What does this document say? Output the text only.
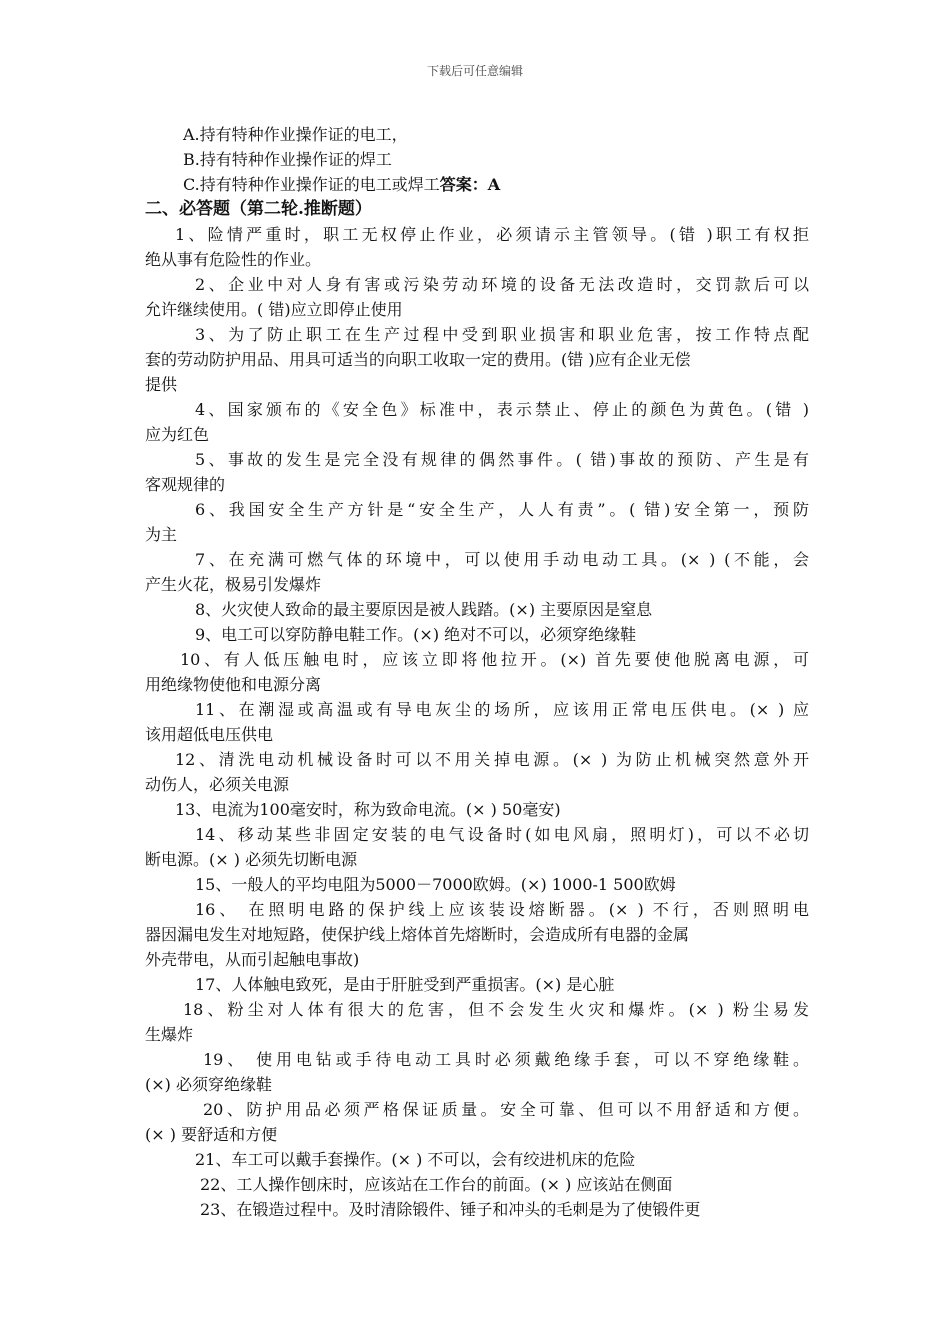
下载后可任意编辑
A.持有特种作业操作证的电工，
B.持有特种作业操作证的焊工
C.持有特种作业操作证的电工或焊工答案：A
二、必答题（第二轮.推断题）
1、险情严重时，职工无权停止作业，必须请示主管领导。(错 )职工有权拒
绝从事有危险性的作业。
2、企业中对人身有害或污染劳动环境的设备无法改造时，交罚款后可以
允许继续使用。( 错)应立即停止使用
3、为了防止职工在生产过程中受到职业损害和职业危害，按工作特点配
套的劳动防护用品、用具可适当的向职工收取一定的费用。(错 )应有企业无偿
提供
4、国家颁布的《安全色》标准中，表示禁止、停止的颜色为黄色。(错 )
应为红色
5、事故的发生是完全没有规律的偶然事件。( 错)事故的预防、产生是有
客观规律的
6、我国安全生产方针是“安全生产，人人有责”。( 错)安全第一，预防
为主
7、在充满可燃气体的环境中，可以使用手动电动工具。(× ) (不能，会
产生火花，极易引发爆炸
8、火灾使人致命的最主要原因是被人践踏。(×) 主要原因是窒息
9、电工可以穿防静电鞋工作。(×) 绝对不可以，必须穿绝缘鞋
10、有人低压触电时，应该立即将他拉开。(×) 首先要使他脱离电源，可
用绝缘物使他和电源分离
11、在潮湿或高温或有导电灰尘的场所，应该用正常电压供电。(× ) 应
该用超低电压供电
12、清洗电动机械设备时可以不用关掉电源。(× ) 为防止机械突然意外开
动伤人，必须关电源
13、电流为100毫安时，称为致命电流。(× ) 50毫安)
14、移动某些非固定安装的电气设备时(如电风扇，照明灯)，可以不必切
断电源。(× ) 必须先切断电源
15、一般人的平均电阻为5000－7000欧姆。(×) 1000-1 500欧姆
16、 在照明电路的保护线上应该装设熔断器。(× ) 不行，否则照明电
器因漏电发生对地短路，使保护线上熔体首先熔断时，会造成所有电器的金属
外壳带电，从而引起触电事故)
17、人体触电致死，是由于肝脏受到严重损害。(×) 是心脏
18、粉尘对人体有很大的危害，但不会发生火灾和爆炸。(× ) 粉尘易发
生爆炸
19、 使用电钻或手待电动工具时必须戴绝缘手套，可以不穿绝缘鞋。
(×) 必须穿绝缘鞋
20、防护用品必须严格保证质量。安全可靠、但可以不用舒适和方便。
(× ) 要舒适和方便
21、车工可以戴手套操作。(× ) 不可以，会有绞进机床的危险
22、工人操作刨床时，应该站在工作台的前面。(× ) 应该站在侧面
23、在锻造过程中。及时清除锻件、锤子和冲头的毛刺是为了使锻件更
